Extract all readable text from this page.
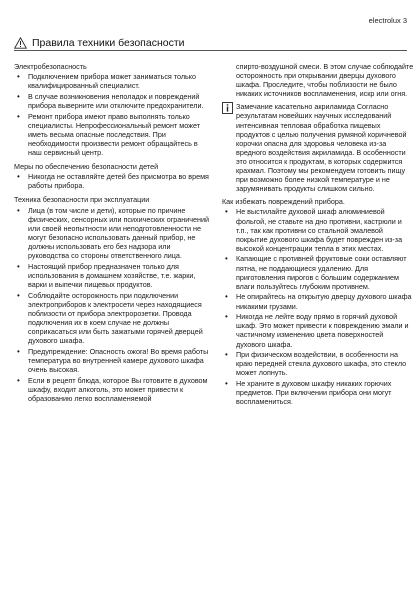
electrolux 3
Правила техники безопасности
Электробезопасность
• Подключением прибора может заниматься только квалифицированный специалист.
• В случае возникновения неполадок и повреждений прибора выверните или отключите предохранители.
• Ремонт прибора имеют право выполнять только специалисты. Непрофессиональный ремонт может иметь весьма опасные последствия. При необходимости произвести ремонт обращайтесь в наш сервисный центр.
Меры по обеспечению безопасности детей
• Никогда не оставляйте детей без присмотра во время работы прибора.
Техника безопасности при эксплуатации
• Лица (в том числе и дети), которые по причине физических, сенсорных или психических ограничений или своей неопытности или неподготовленности не могут безопасно использовать данный прибор, не должны использовать его без надзора или руководства со стороны ответственного лица.
• Настоящий прибор предназначен только для использования в домашнем хозяйстве, т.е. жарки, варки и выпечки пищевых продуктов.
• Соблюдайте осторожность при подключении электроприборов к электросети через находящиеся поблизости от прибора электророзетки. Провода подключения их в коем случае не должны соприкасаться или быть зажатыми горячей дверцей духового шкафа.
• Предупреждение: Опасность ожога! Во время работы температура во внутренней камере духового шкафа очень высокая.
• Если в рецепт блюда, которое Вы готовите в духовом шкафу, входит алкоголь, это может привести к образованию легко воспламеняемой
спирто-воздушной смеси. В этом случае соблюдайте осторожность при открывании дверцы духового шкафа. Проследите, чтобы поблизости не было никаких источников воспламенения, искр или огня.
Замечание касательно акриламида Согласно результатам новейших научных исследований интенсивная тепловая обработка пищевых продуктов с целью получения румяной коричневой корочки опасна для здоровья человека из-за вредного воздействия акриламида. В особенности это относится к продуктам, в которых содержится крахмал. Поэтому мы рекомендуем готовить пищу при возможно более низкой температуре и не зарумянивать продукты слишком сильно.
Как избежать повреждений прибора.
• Не выстилайте духовой шкаф алюминиевой фольгой, не ставьте на дно противни, кастрюли и т.п., так как противни со стальной эмалевой покрытие духового шкафа будет поврежден из-за высокой концентрации тепла в этих местах.
• Капающие с противней фруктовые соки оставляют пятна, не поддающиеся удалению. Для приготовления пирогов с большим содержанием влаги пользуйтесь глубоким противнем.
• Не опирайтесь на открытую дверцу духового шкафа никакими грузами.
• Никогда не лейте воду прямо в горячий духовой шкаф. Это может привести к повреждению эмали и частичному изменению цвета поверхностей духового шкафа.
• При физическом воздействии, в особенности на краю передней стекла духового шкафа, это стекло может лопнуть.
• Не храните в духовом шкафу никаких горючих предметов. При включении прибора они могут воспламениться.
